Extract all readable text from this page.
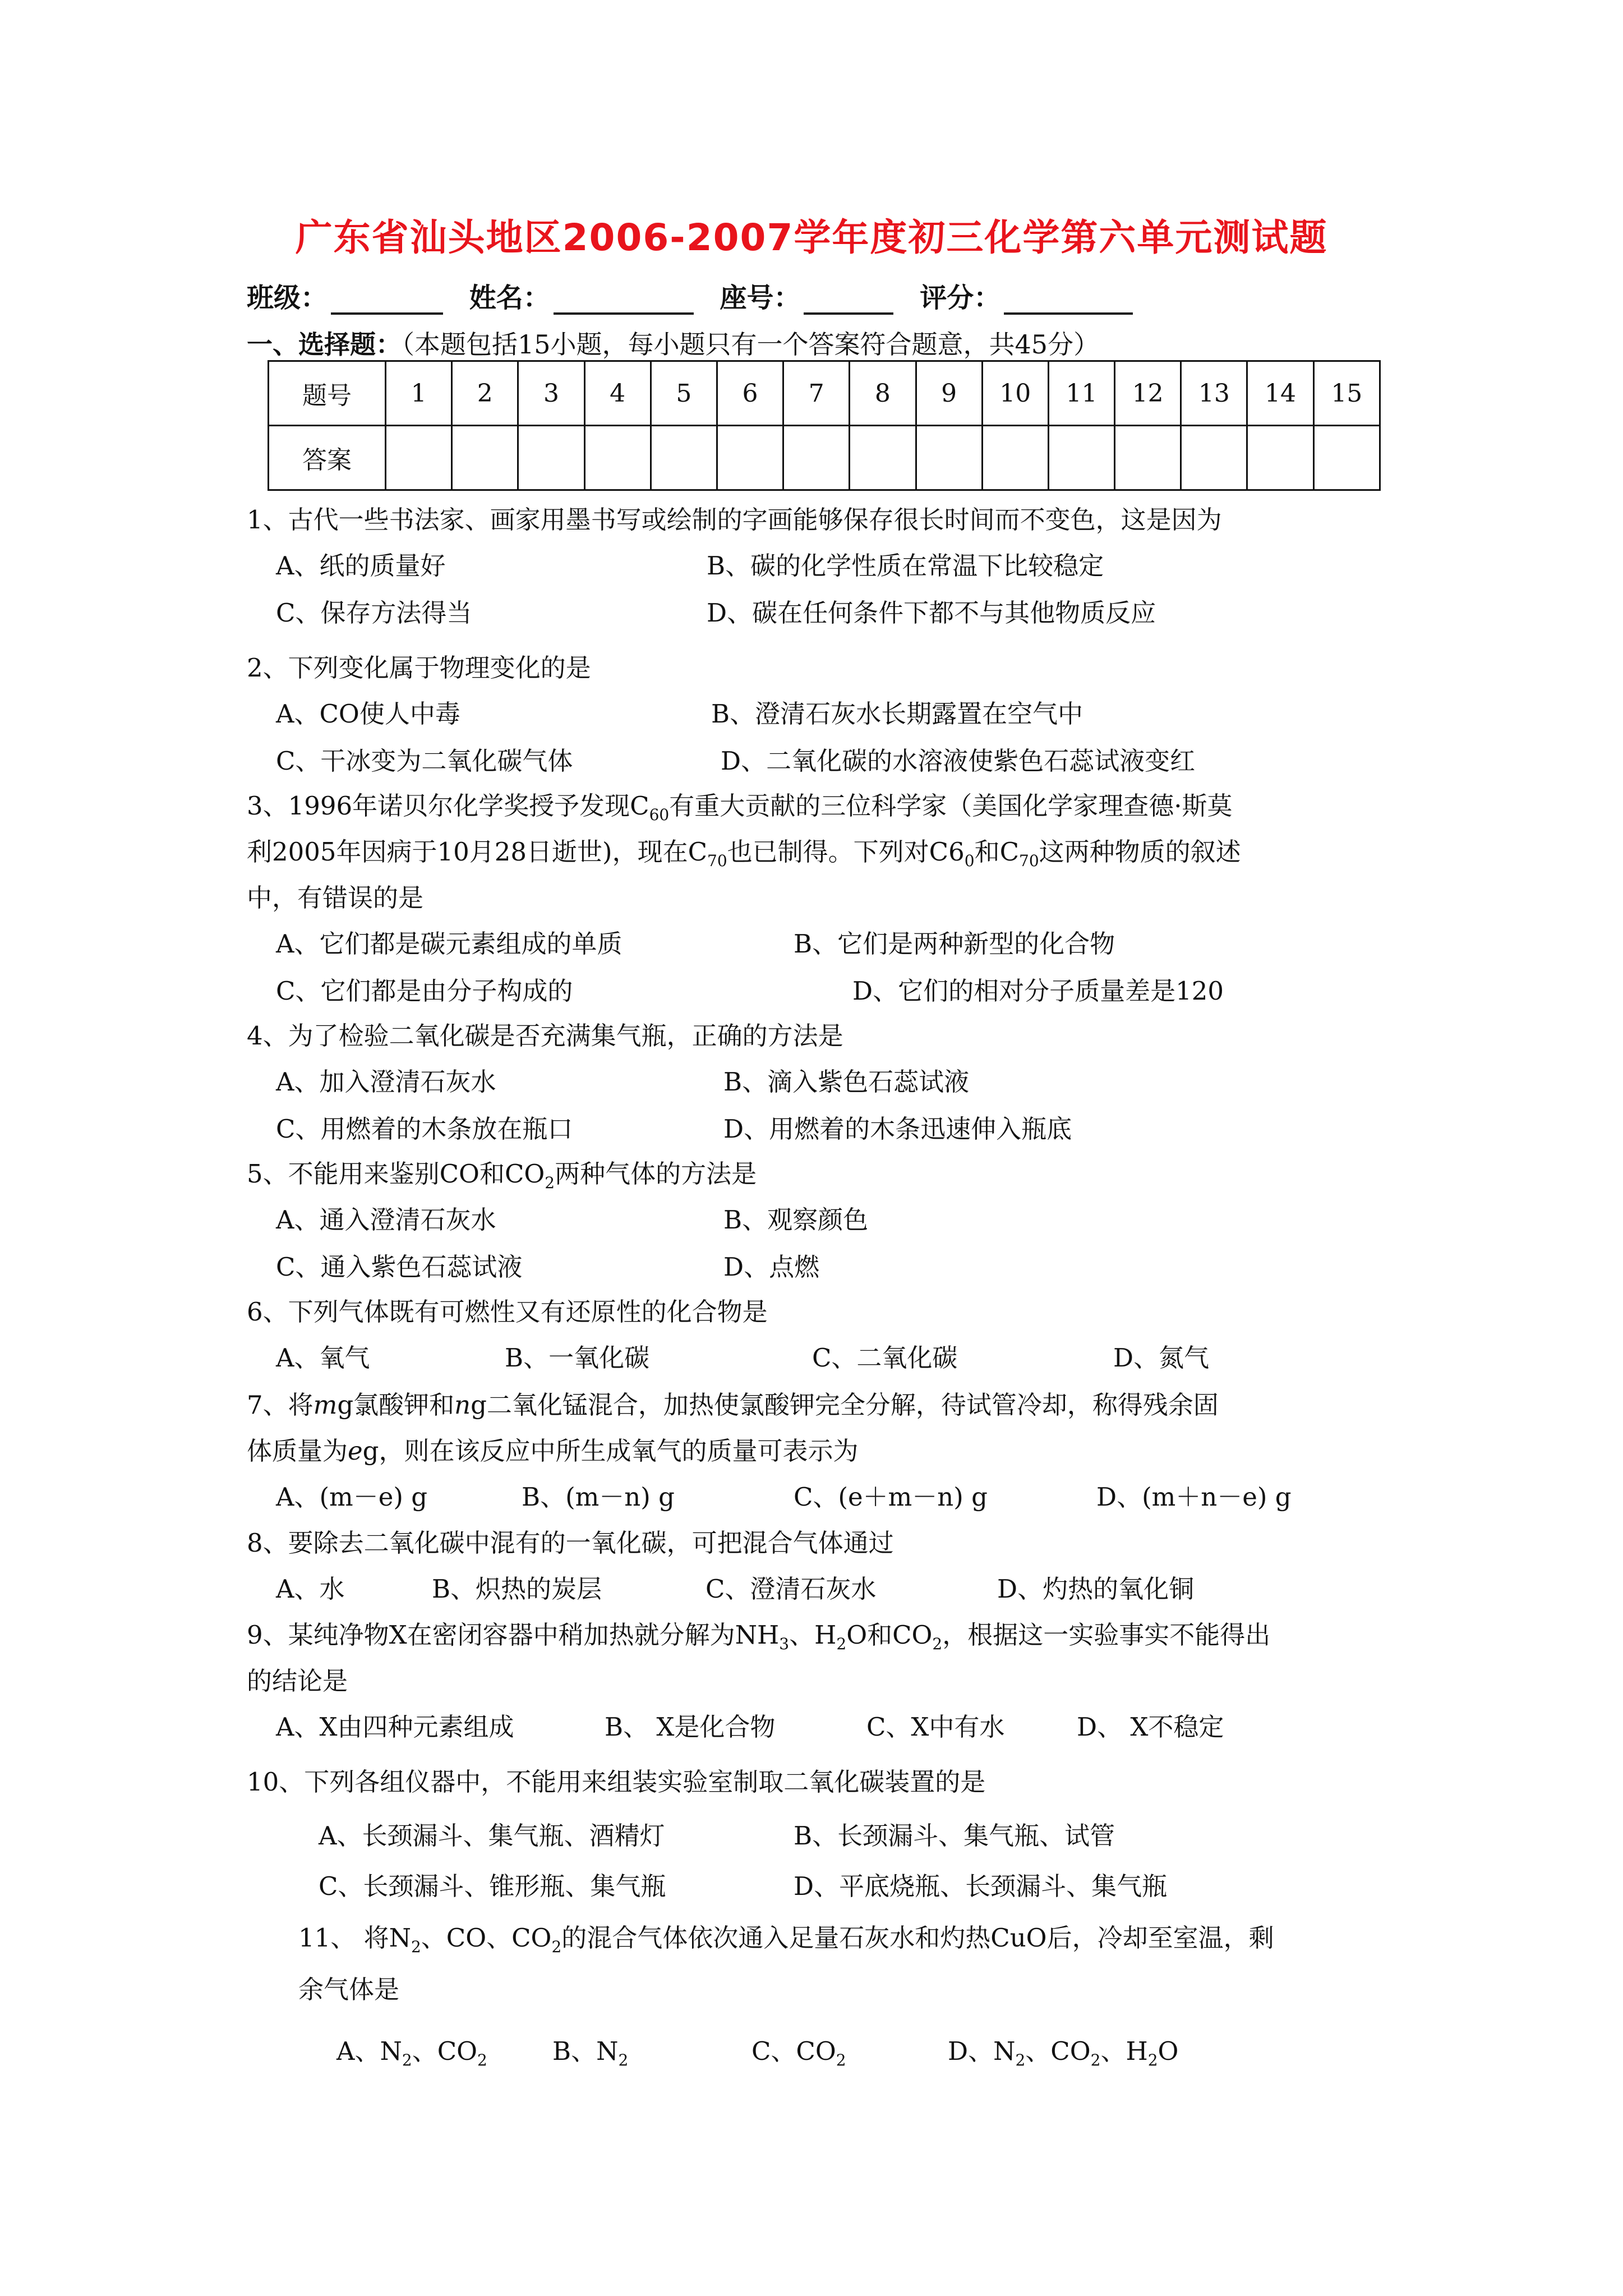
广东省汕头地区2006-2007学年度初三化学第六单元测试题
班级：	姓名：	座号：	评分：
一、选择题：（本题包括15小题，每小题只有一个答案符合题意，共45分）
题号	1	2	3	4	5	6	7	8	9	10	11	12	13	14	15
答案															
1、古代一些书法家、画家用墨书写或绘制的字画能够保存很长时间而不变色，这是因为
A、纸的质量好	B、碳的化学性质在常温下比较稳定
C、保存方法得当	D、碳在任何条件下都不与其他物质反应
2、下列变化属于物理变化的是
A、CO使人中毒	B、澄清石灰水长期露置在空气中
C、干冰变为二氧化碳气体	D、二氧化碳的水溶液使紫色石蕊试液变红
3、1996年诺贝尔化学奖授予发现$C_{60}$有重大贡献的三位科学家（美国化学家理查德·斯莫
利2005年因病于10月28日逝世)，现在$C_{70}$也已制得。下列对$C6_0$和$C_{70}$这两种物质的叙述
中，有错误的是
A、它们都是碳元素组成的单质	B、它们是两种新型的化合物
C、它们都是由分子构成的	D、它们的相对分子质量差是120
4、为了检验二氧化碳是否充满集气瓶，正确的方法是
A、加入澄清石灰水	B、滴入紫色石蕊试液
C、用燃着的木条放在瓶口	D、用燃着的木条迅速伸入瓶底
5、不能用来鉴别CO和$CO_2$两种气体的方法是
A、通入澄清石灰水	B、观察颜色
C、通入紫色石蕊试液	D、点燃
6、下列气体既有可燃性又有还原性的化合物是
A、氧气	B、一氧化碳	C、二氧化碳	D、氮气
7、将mg氯酸钾和ng二氧化锰混合，加热使氯酸钾完全分解，待试管冷却，称得残余固
体质量为eg，则在该反应中所生成氧气的质量可表示为
A、(m－e) g	B、(m－n) g	C、(e＋m－n) g	D、(m＋n－e) g
8、要除去二氧化碳中混有的一氧化碳，可把混合气体通过
A、水	B、炽热的炭层	C、澄清石灰水	D、灼热的氧化铜
9、某纯净物X在密闭容器中稍加热就分解为$NH_3$、$H_2O$和$CO_2$，根据这一实验事实不能得出
的结论是
A、X由四种元素组成	B、 X是化合物	C、X中有水	D、 X不稳定
10、下列各组仪器中，不能用来组装实验室制取二氧化碳装置的是
A、长颈漏斗、集气瓶、酒精灯	B、长颈漏斗、集气瓶、试管
C、长颈漏斗、锥形瓶、集气瓶	D、平底烧瓶、长颈漏斗、集气瓶
11、 将$N_2$、CO、$CO_2$的混合气体依次通入足量石灰水和灼热CuO后，冷却至室温，剩
余气体是
A、$N_2$、$CO_2$	B、$N_2$	C、$CO_2$	D、$N_2$、$CO_2$、$H_2O$
